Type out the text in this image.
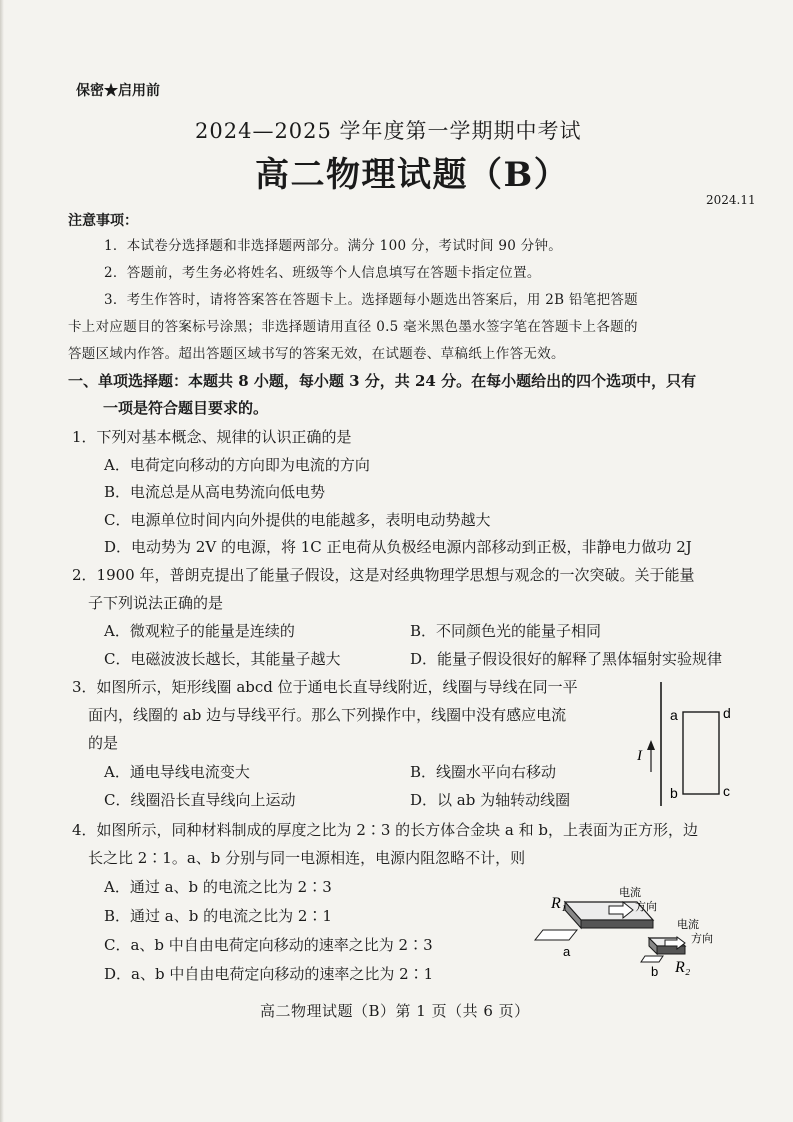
保密★启用前
2024—2025 学年度第一学期期中考试
高二物理试题（B）
2024.11
注意事项：
1．本试卷分选择题和非选择题两部分。满分 100 分，考试时间 90 分钟。
2．答题前，考生务必将姓名、班级等个人信息填写在答题卡指定位置。
3．考生作答时，请将答案答在答题卡上。选择题每小题选出答案后，用 2B 铅笔把答题
卡上对应题目的答案标号涂黑；非选择题请用直径 0.5 毫米黑色墨水签字笔在答题卡上各题的
答题区域内作答。超出答题区域书写的答案无效，在试题卷、草稿纸上作答无效。
一、单项选择题：本题共 8 小题，每小题 3 分，共 24 分。在每小题给出的四个选项中，只有
一项是符合题目要求的。
1．下列对基本概念、规律的认识正确的是
A．电荷定向移动的方向即为电流的方向
B．电流总是从高电势流向低电势
C．电源单位时间内向外提供的电能越多，表明电动势越大
D．电动势为 2V 的电源，将 1C 正电荷从负极经电源内部移动到正极，非静电力做功 2J
2．1900 年，普朗克提出了能量子假设，这是对经典物理学思想与观念的一次突破。关于能量
子下列说法正确的是
A．微观粒子的能量是连续的	B．不同颜色光的能量子相同
C．电磁波波长越长，其能量子越大	D．能量子假设很好的解释了黑体辐射实验规律
3．如图所示，矩形线圈 abcd 位于通电长直导线附近，线圈与导线在同一平
面内，线圈的 ab 边与导线平行。那么下列操作中，线圈中没有感应电流
的是
A．通电导线电流变大	B．线圈水平向右移动
C．线圈沿长直导线向上运动	D．以 ab 为轴转动线圈
I
a	d
b	c
4．如图所示，同种材料制成的厚度之比为 2∶3 的长方体合金块 a 和 b，上表面为正方形，边
长之比 2∶1。a、b 分别与同一电源相连，电源内阻忽略不计，则
A．通过 a、b 的电流之比为 2∶3
B．通过 a、b 的电流之比为 2∶1
C．a、b 中自由电荷定向移动的速率之比为 2∶3
D．a、b 中自由电荷定向移动的速率之比为 2∶1
a
R₁
电流
方向
b R₂
电流
方向
高二物理试题（B）第 1 页（共 6 页）
